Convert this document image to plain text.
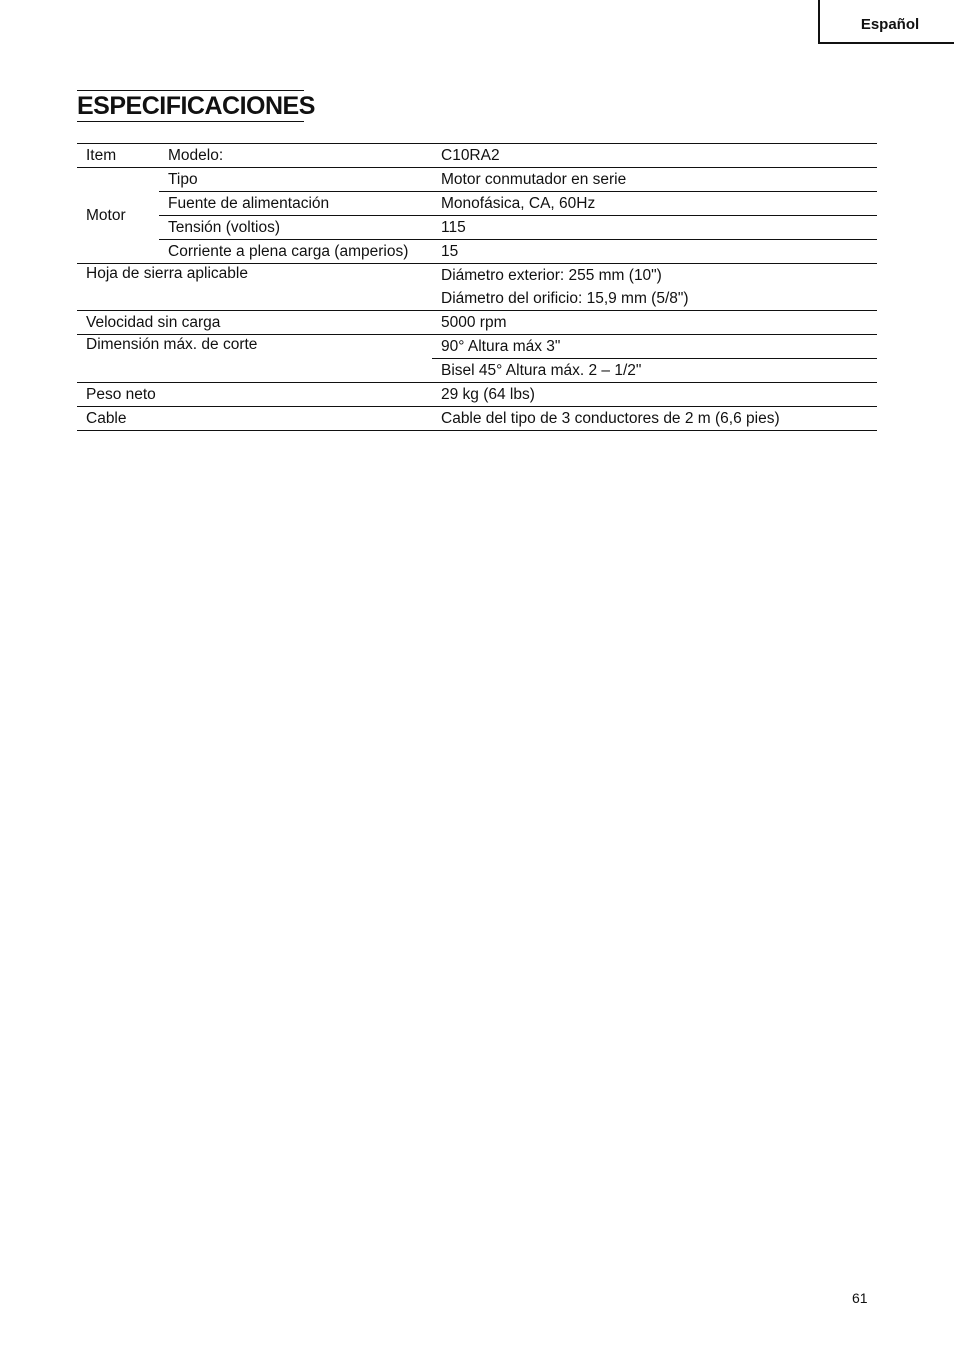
Español
ESPECIFICACIONES
Item	Modelo:	C10RA2
Motor	Tipo	Motor conmutador en serie
	Fuente de alimentación	Monofásica, CA, 60Hz
	Tensión (voltios)	115
	Corriente a plena carga (amperios)	15
Hoja de sierra aplicable		Diámetro exterior: 255 mm (10")
		Diámetro del orificio: 15,9 mm (5/8")
Velocidad sin carga		5000 rpm
Dimensión máx. de corte		90° Altura máx 3"
		Bisel 45° Altura máx. 2 – 1/2"
Peso neto		29 kg (64 lbs)
Cable		Cable del tipo de 3 conductores de 2 m (6,6 pies)
61
